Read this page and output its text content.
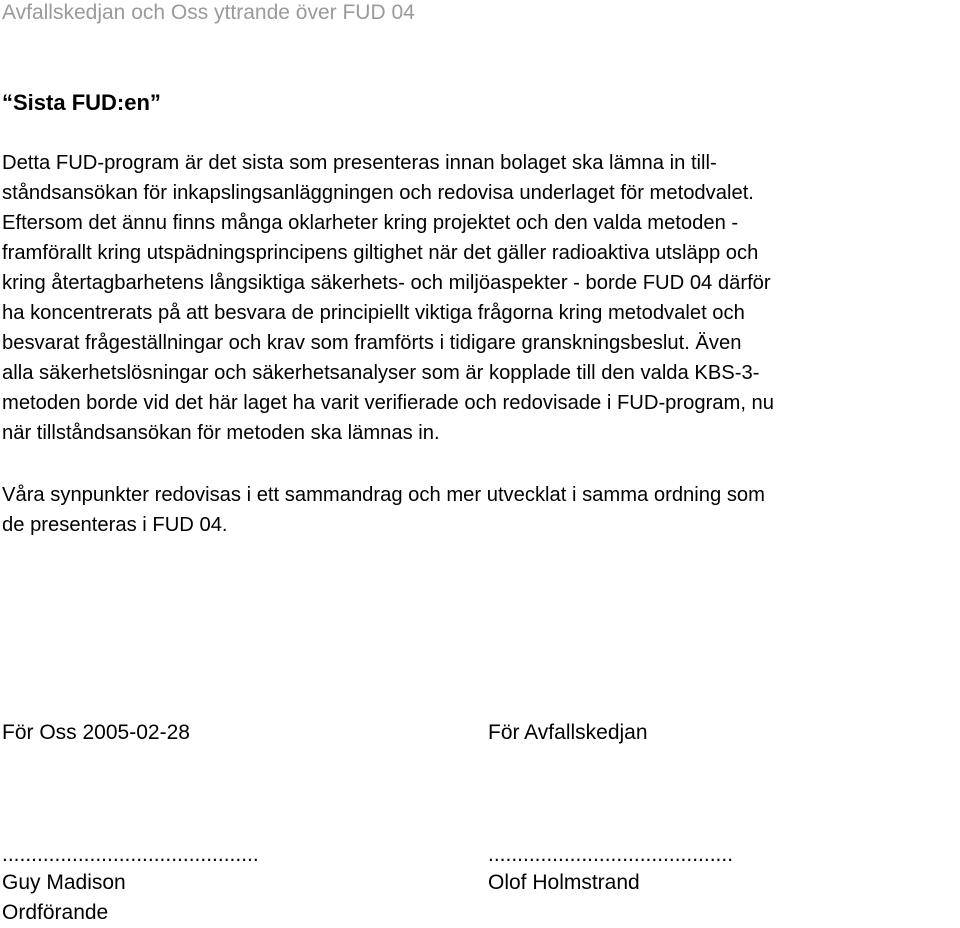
Avfallskedjan och Oss yttrande över FUD 04
“Sista FUD:en”
Detta FUD-program är det sista som presenteras innan bolaget ska lämna in till-
ståndsansökan för inkapslingsanläggningen och redovisa underlaget för metodvalet.
Eftersom det ännu finns många oklarheter kring projektet och den valda metoden -
framförallt kring utspädningsprincipens giltighet när det gäller radioaktiva utsläpp och
kring återtagbarhetens långsiktiga säkerhets- och miljöaspekter - borde FUD 04 därför
ha koncentrerats på att besvara de principiellt viktiga frågorna kring metodvalet och
besvarat frågeställningar och krav som framförts i tidigare granskningsbeslut. Även
alla säkerhetslösningar och säkerhetsanalyser som är kopplade till den valda KBS-3-
metoden borde vid det här laget ha varit verifierade och redovisade i FUD-program, nu
när tillståndsansökan för metoden ska lämnas in.
Våra synpunkter redovisas i ett sammandrag och mer utvecklat i samma ordning som
de presenteras i FUD 04.
För Oss 2005-02-28	För Avfallskedjan
............................................	..........................................
Guy Madison	Olof Holmstrand
Ordförande
